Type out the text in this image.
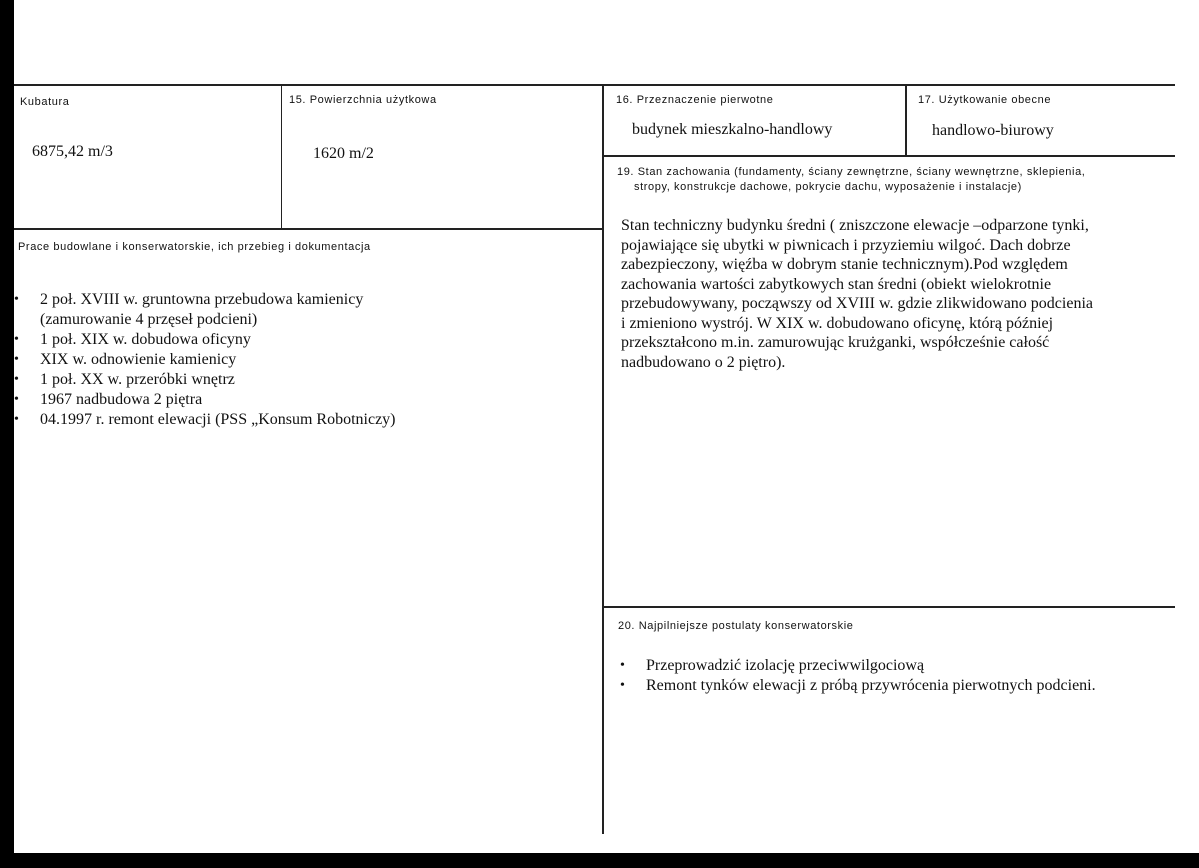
Kubatura
6875,42 m/3
15. Powierzchnia użytkowa
1620 m/2
16. Przeznaczenie pierwotne
budynek mieszkalno-handlowy
17. Użytkowanie obecne
handlowo-biurowy
Prace budowlane i konserwatorskie, ich przebieg i dokumentacja
• 2 poł. XVIII w. gruntowna przebudowa kamienicy
(zamurowanie 4 przęseł podcieni)
• 1 poł. XIX w. dobudowa oficyny
• XIX w. odnowienie kamienicy
• 1 poł. XX w. przeróbki wnętrz
• 1967 nadbudowa 2 piętra
• 04.1997 r. remont elewacji (PSS „Konsum Robotniczy)
19. Stan zachowania (fundamenty, ściany zewnętrzne, ściany wewnętrzne, sklepienia,
stropy, konstrukcje dachowe, pokrycie dachu, wyposażenie i instalacje)
Stan techniczny budynku średni ( zniszczone elewacje –odparzone tynki,
pojawiające się ubytki w piwnicach i przyziemiu wilgoć. Dach dobrze
zabezpieczony, więźba w dobrym stanie technicznym).Pod względem
zachowania wartości zabytkowych stan średni (obiekt wielokrotnie
przebudowywany, począwszy od XVIII w. gdzie zlikwidowano podcienia
i zmieniono wystrój. W XIX w. dobudowano oficynę, którą później
przekształcono m.in. zamurowując krużganki, współcześnie całość
nadbudowano o 2 piętro).
20. Najpilniejsze postulaty konserwatorskie
• Przeprowadzić izolację przeciwwilgociową
• Remont tynków elewacji z próbą przywrócenia pierwotnych podcieni.
